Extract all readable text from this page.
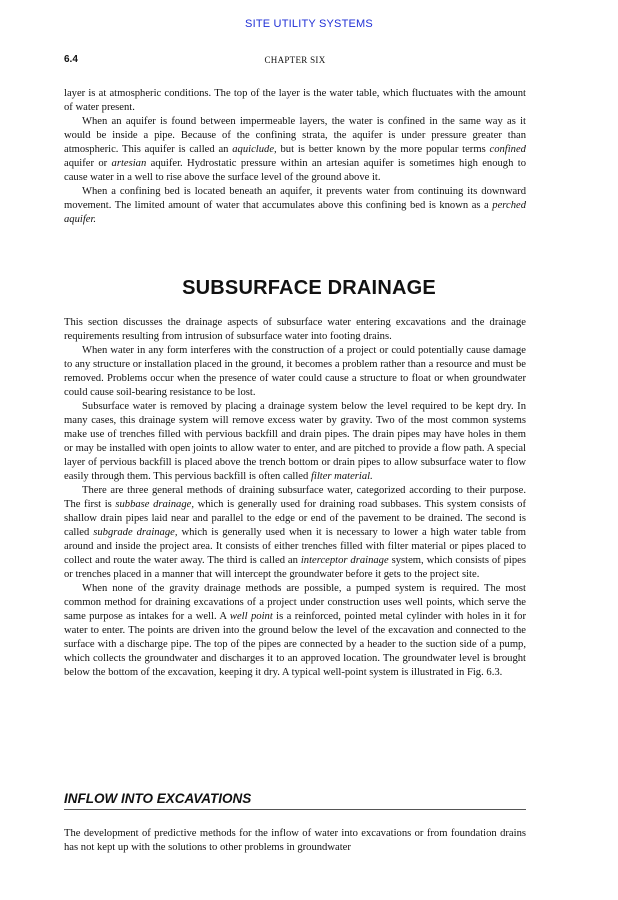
SITE UTILITY SYSTEMS
6.4	CHAPTER SIX

layer is at atmospheric conditions. The top of the layer is the water table, which fluctuates with the amount of water present.

When an aquifer is found between impermeable layers, the water is confined in the same way as it would be inside a pipe. Because of the confining strata, the aquifer is under pressure greater than atmospheric. This aquifer is called an aquiclude, but is better known by the more popular terms confined aquifer or artesian aquifer. Hydrostatic pressure within an artesian aquifer is sometimes high enough to cause water in a well to rise above the surface level of the ground above it.

When a confining bed is located beneath an aquifer, it prevents water from continuing its downward movement. The limited amount of water that accumulates above this confining bed is known as a perched aquifer.

SUBSURFACE DRAINAGE

This section discusses the drainage aspects of subsurface water entering excavations and the drainage requirements resulting from intrusion of subsurface water into footing drains.

When water in any form interferes with the construction of a project or could potentially cause damage to any structure or installation placed in the ground, it becomes a problem rather than a resource and must be removed. Problems occur when the presence of water could cause a structure to float or when groundwater could cause soil-bearing resistance to be lost.

Subsurface water is removed by placing a drainage system below the level required to be kept dry. In many cases, this drainage system will remove excess water by gravity. Two of the most common systems make use of trenches filled with pervious backfill and drain pipes. The drain pipes may have holes in them or may be installed with open joints to allow water to enter, and are pitched to provide a flow path. A special layer of pervious backfill is placed above the trench bottom or drain pipes to allow subsurface water to flow easily through them. This pervious backfill is often called filter material.

There are three general methods of draining subsurface water, categorized according to their purpose. The first is subbase drainage, which is generally used for draining road subbases. This system consists of shallow drain pipes laid near and parallel to the edge or end of the pavement to be drained. The second is called subgrade drainage, which is generally used when it is necessary to lower a high water table from around and inside the project area. It consists of either trenches filled with filter material or pipes placed to collect and route the water away. The third is called an interceptor drainage system, which consists of pipes or trenches placed in a manner that will intercept the groundwater before it gets to the project site.

When none of the gravity drainage methods are possible, a pumped system is required. The most common method for draining excavations of a project under construction uses well points, which serve the same purpose as intakes for a well. A well point is a reinforced, pointed metal cylinder with holes in it for water to enter. The points are driven into the ground below the level of the excavation and connected to the surface with a discharge pipe. The top of the pipes are connected by a header to the suction side of a pump, which collects the groundwater and discharges it to an approved location. The groundwater level is brought below the bottom of the excavation, keeping it dry. A typical well-point system is illustrated in Fig. 6.3.

INFLOW INTO EXCAVATIONS

The development of predictive methods for the inflow of water into excavations or from foundation drains has not kept up with the solutions to other problems in groundwater
